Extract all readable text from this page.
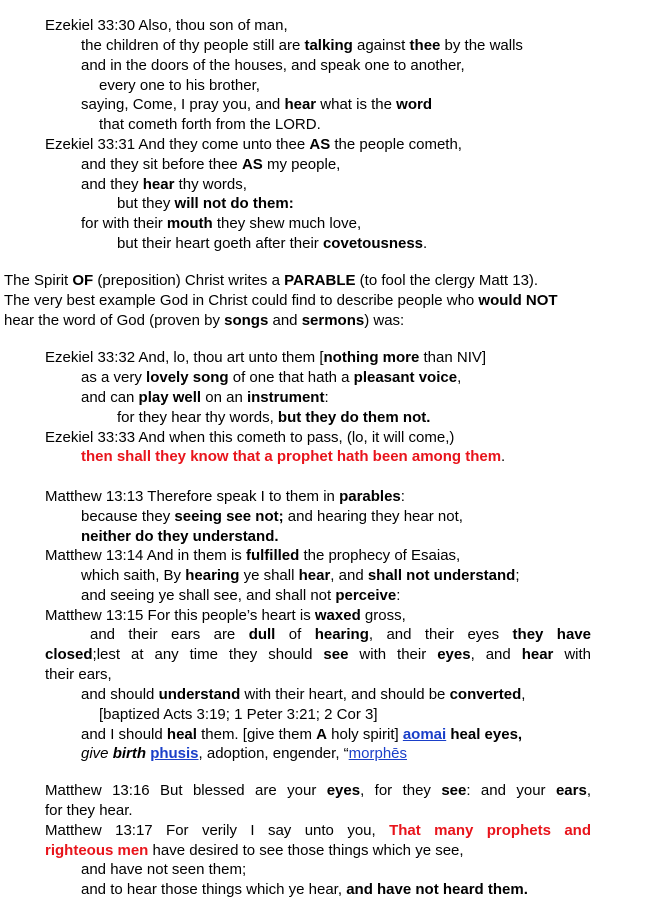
Ezekiel 33:30 Also, thou son of man,
the children of thy people still are talking against thee by the walls
and in the doors of the houses, and speak one to another,
every one to his brother,
saying, Come, I pray you, and hear what is the word
that cometh forth from the LORD.
Ezekiel 33:31 And they come unto thee AS the people cometh,
and they sit before thee AS my people,
and they hear thy words,
but they will not do them:
for with their mouth they shew much love,
but their heart goeth after their covetousness.
The Spirit OF (preposition) Christ writes a PARABLE (to fool the clergy Matt 13).
The very best example God in Christ could find to describe people who would NOT
hear the word of God (proven by songs and sermons) was:
Ezekiel 33:32 And, lo, thou art unto them [nothing more than NIV]
as a very lovely song of one that hath a pleasant voice,
and can play well on an instrument:
for they hear thy words, but they do them not.
Ezekiel 33:33 And when this cometh to pass, (lo, it will come,)
then shall they know that a prophet hath been among them.
Matthew 13:13 Therefore speak I to them in parables:
because they seeing see not; and hearing they hear not,
neither do they understand.
Matthew 13:14 And in them is fulfilled the prophecy of Esaias,
which saith, By hearing ye shall hear, and shall not understand;
and seeing ye shall see, and shall not perceive:
Matthew 13:15 For this people’s heart is waxed gross,
and their ears are dull of hearing, and their eyes they have
closed;lest at any time they should see with their eyes, and hear with
their ears,
and should understand with their heart, and should be converted,
[baptized Acts 3:19; 1 Peter 3:21; 2 Cor 3]
and I should heal them. [give them A holy spirit] aomai heal eyes,
give birth phusis, adoption, engender, “morphēs
Matthew 13:16 But blessed are your eyes, for they see: and your ears,
for they hear.
Matthew 13:17 For verily I say unto you, That many prophets and
righteous men have desired to see those things which ye see,
and have not seen them;
and to hear those things which ye hear, and have not heard them.
